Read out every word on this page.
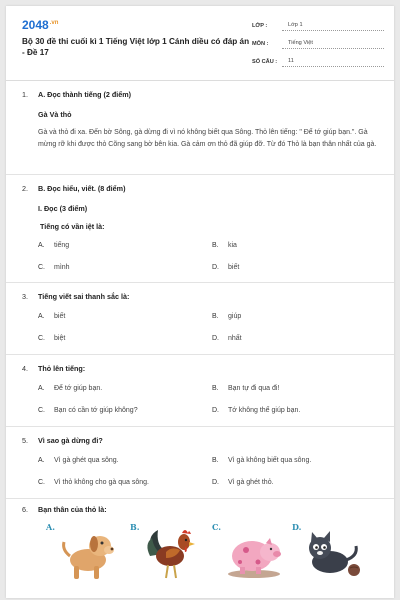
$2048^{.vn}$
Bộ 30 đề thi cuối kì 1 Tiếng Việt lớp 1 Cánh diều có đáp án - Đề 17
LỚP :	Lớp 1
MÔN :	Tiếng Việt
SỐ CÂU :	11
1. A. Đọc thành tiếng (2 điểm)
Gà Và thỏ
Gà và thỏ đi xa. Đến bờ Sông, gà dừng đi vì nó không biết qua Sông. Thỏ lên tiếng: " Để tớ giúp bạn.". Gà mừng rỡ khi được thỏ Cõng sang bờ bên kia. Gà cảm ơn thỏ đã giúp đỡ. Từ đó Thỏ là bạn thân nhất của gà.
2. B. Đọc hiểu, viết. (8 điểm)
I. Đọc (3 điểm)
Tiếng có vần iệt là:
A.	tiếng	B.	kia
C.	mình	D.	biết
3. Tiếng viết sai thanh sắc là:
A.	biết	B.	giúp
C.	biệt	D.	nhất
4. Thỏ lên tiếng:
A.	Để tớ giúp bạn.	B.	Bạn tự đi qua đi!
C.	Bạn có cần tớ giúp không?	D.	Tớ không thể giúp bạn.
5. Vì sao gà dừng đi?
A.	Vì gà ghét qua sông.	B.	Vì gà không biết qua sông.
C.	Vì thỏ không cho gà qua sông.	D.	Vì gà ghét thỏ.
6. Bạn thân của thỏ là:
A.	B.	C.	D.
